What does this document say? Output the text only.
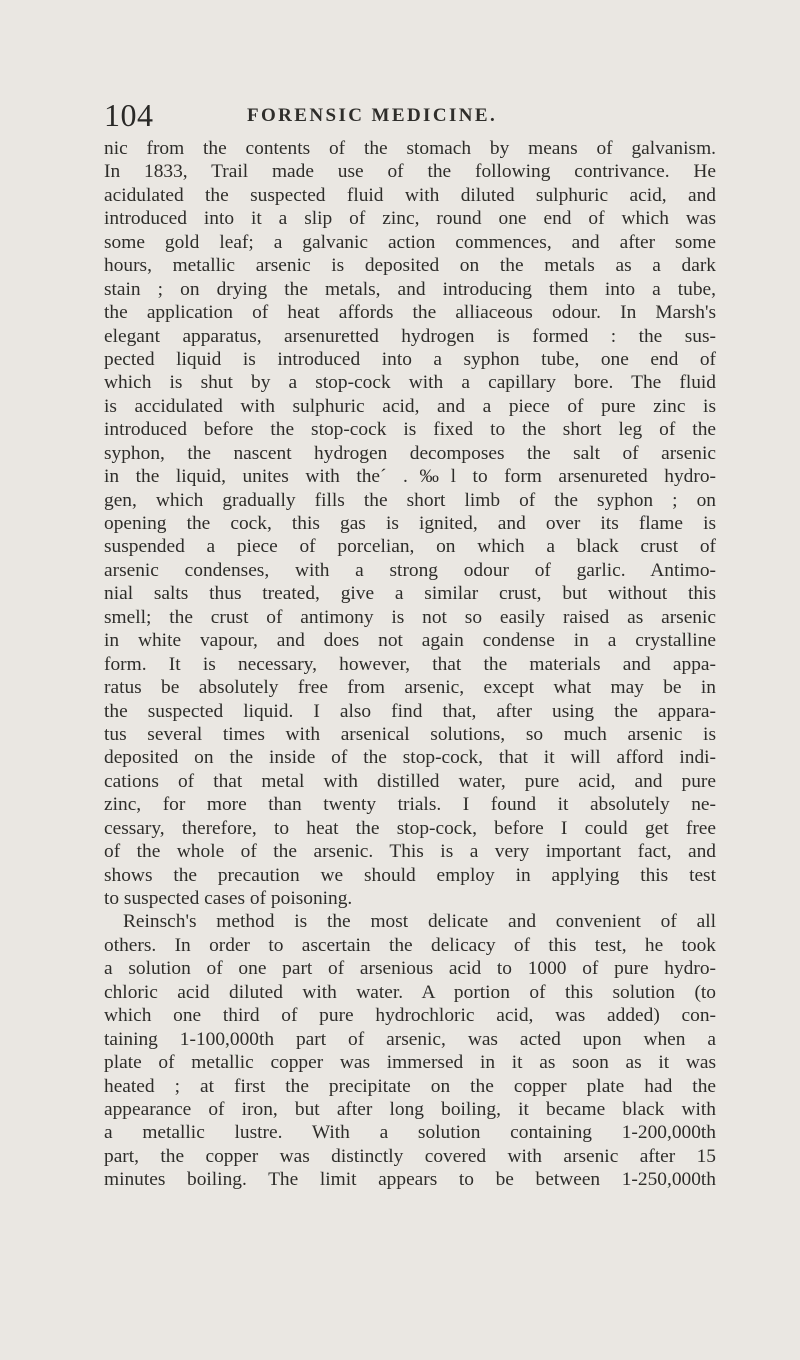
104	FORENSIC MEDICINE.
nic from the contents of the stomach by means of galvanism.
In 1833, Trail made use of the following contrivance. He
acidulated the suspected fluid with diluted sulphuric acid, and
introduced into it a slip of zinc, round one end of which was
some gold leaf; a galvanic action commences, and after some
hours, metallic arsenic is deposited on the metals as a dark
stain ; on drying the metals, and introducing them into a tube,
the application of heat affords the alliaceous odour. In Marsh's
elegant apparatus, arsenuretted hydrogen is formed : the sus-
pected liquid is introduced into a syphon tube, one end of
which is shut by a stop-cock with a capillary bore. The fluid
is accidulated with sulphuric acid, and a piece of pure zinc is
introduced before the stop-cock is fixed to the short leg of the
syphon, the nascent hydrogen decomposes the salt of arsenic
in the liquid, unites with the´ .‰l to form arsenureted hydro-
gen, which gradually fills the short limb of the syphon ; on
opening the cock, this gas is ignited, and over its flame is
suspended a piece of porcelian, on which a black crust of
arsenic condenses, with a strong odour of garlic. Antimo-
nial salts thus treated, give a similar crust, but without this
smell; the crust of antimony is not so easily raised as arsenic
in white vapour, and does not again condense in a crystalline
form. It is necessary, however, that the materials and appa-
ratus be absolutely free from arsenic, except what may be in
the suspected liquid. I also find that, after using the appara-
tus several times with arsenical solutions, so much arsenic is
deposited on the inside of the stop-cock, that it will afford indi-
cations of that metal with distilled water, pure acid, and pure
zinc, for more than twenty trials. I found it absolutely ne-
cessary, therefore, to heat the stop-cock, before I could get free
of the whole of the arsenic. This is a very important fact, and
shows the precaution we should employ in applying this test
to suspected cases of poisoning.
Reinsch's method is the most delicate and convenient of all
others. In order to ascertain the delicacy of this test, he took
a solution of one part of arsenious acid to 1000 of pure hydro-
chloric acid diluted with water. A portion of this solution (to
which one third of pure hydrochloric acid, was added) con-
taining 1-100,000th part of arsenic, was acted upon when a
plate of metallic copper was immersed in it as soon as it was
heated ; at first the precipitate on the copper plate had the
appearance of iron, but after long boiling, it became black with
a metallic lustre. With a solution containing 1-200,000th
part, the copper was distinctly covered with arsenic after 15
minutes boiling. The limit appears to be between 1-250,000th
